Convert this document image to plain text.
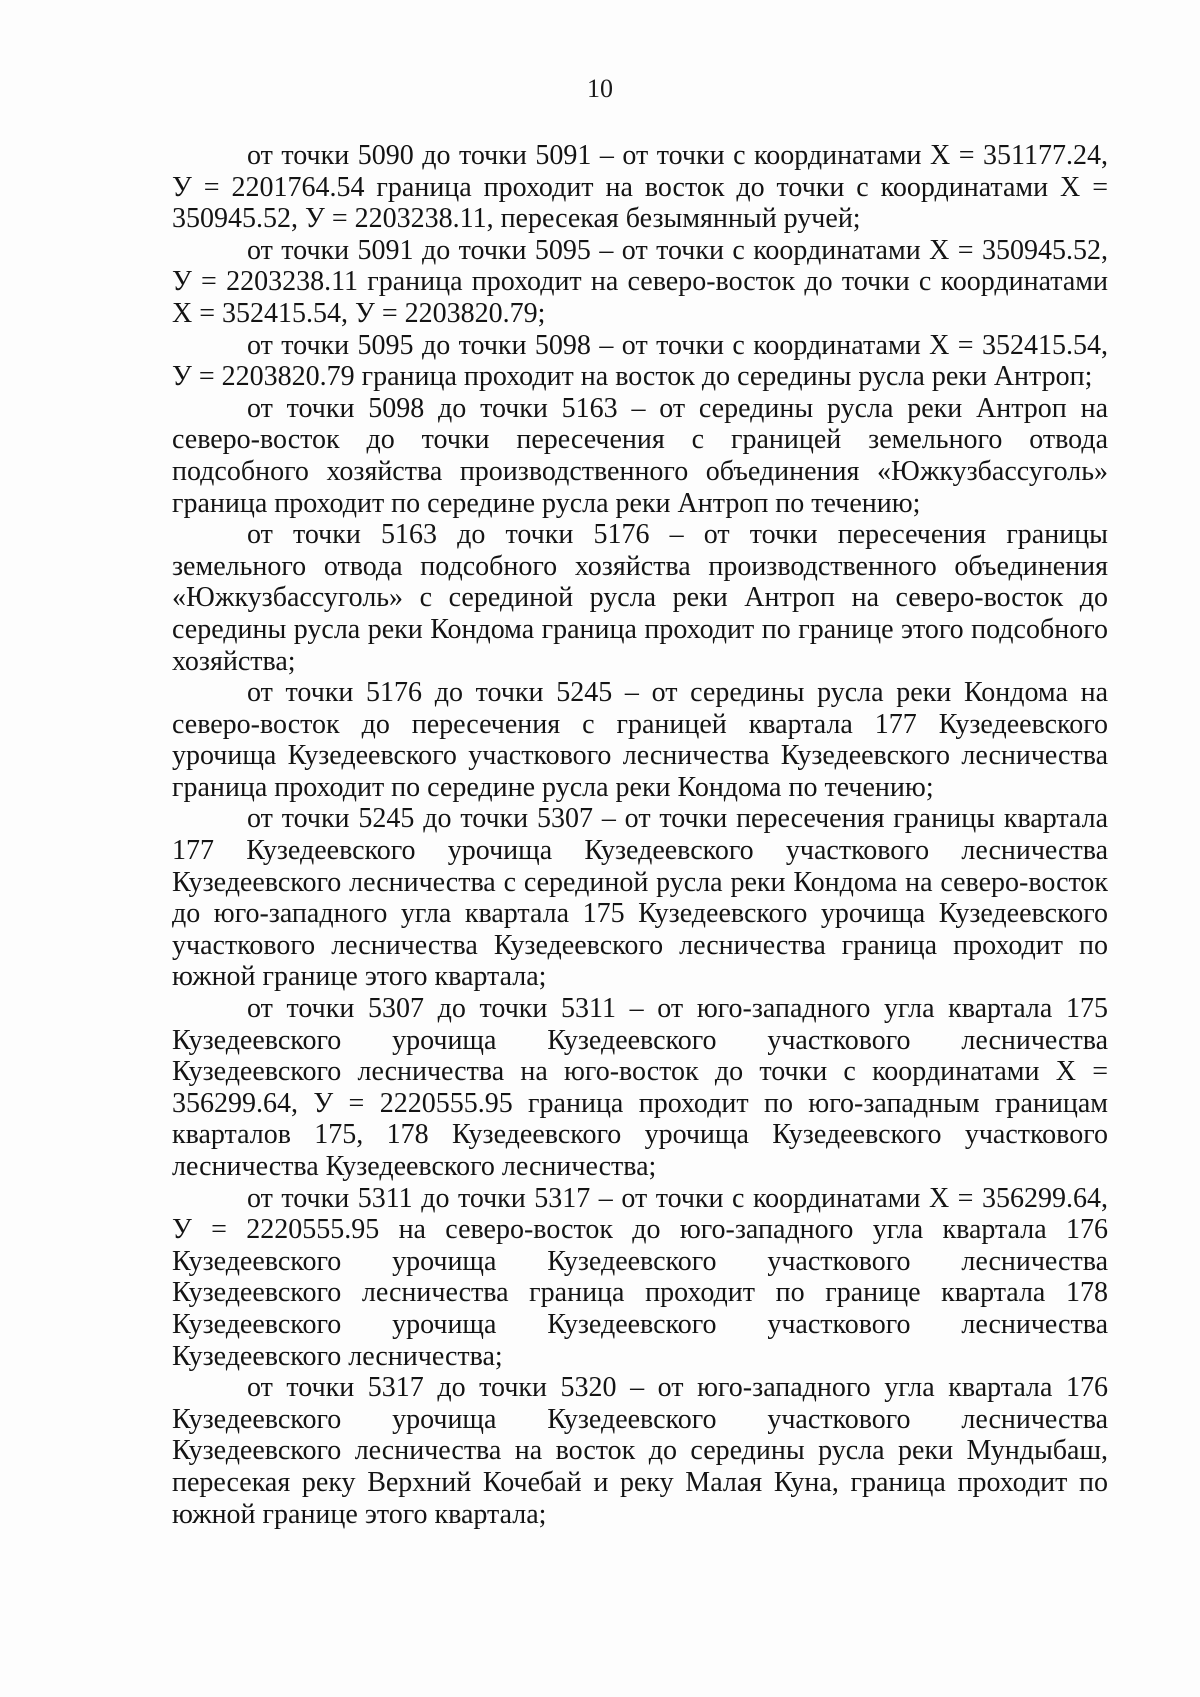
10

от точки 5090 до точки 5091 – от точки с координатами Х = 351177.24, У = 2201764.54 граница проходит на восток до точки с координатами Х = 350945.52, У = 2203238.11, пересекая безымянный ручей;

от точки 5091 до точки 5095 – от точки с координатами Х = 350945.52, У = 2203238.11 граница проходит на северо-восток до точки с координатами Х = 352415.54, У = 2203820.79;

от точки 5095 до точки 5098 – от точки с координатами Х = 352415.54, У = 2203820.79 граница проходит на восток до середины русла реки Антроп;

от точки 5098 до точки 5163 – от середины русла реки Антроп на северо-восток до точки пересечения с границей земельного отвода подсобного хозяйства производственного объединения «Южкузбассуголь» граница проходит по середине русла реки Антроп по течению;

от точки 5163 до точки 5176 – от точки пересечения границы земельного отвода подсобного хозяйства производственного объединения «Южкузбассуголь» с серединой русла реки Антроп на северо-восток до середины русла реки Кондома граница проходит по границе этого подсобного хозяйства;

от точки 5176 до точки 5245 – от середины русла реки Кондома на северо-восток до пересечения с границей квартала 177 Кузедеевского урочища Кузедеевского участкового лесничества Кузедеевского лесничества граница проходит по середине русла реки Кондома по течению;

от точки 5245 до точки 5307 – от точки пересечения границы квартала 177 Кузедеевского урочища Кузедеевского участкового лесничества Кузедеевского лесничества с серединой русла реки Кондома на северо-восток до юго-западного угла квартала 175 Кузедеевского урочища Кузедеевского участкового лесничества Кузедеевского лесничества граница проходит по южной границе этого квартала;

от точки 5307 до точки 5311 – от юго-западного угла квартала 175 Кузедеевского урочища Кузедеевского участкового лесничества Кузедеевского лесничества на юго-восток до точки с координатами Х = 356299.64, У = 2220555.95 граница проходит по юго-западным границам кварталов 175, 178 Кузедеевского урочища Кузедеевского участкового лесничества Кузедеевского лесничества;

от точки 5311 до точки 5317 – от точки с координатами Х = 356299.64, У = 2220555.95 на северо-восток до юго-западного угла квартала 176 Кузедеевского урочища Кузедеевского участкового лесничества Кузедеевского лесничества граница проходит по границе квартала 178 Кузедеевского урочища Кузедеевского участкового лесничества Кузедеевского лесничества;

от точки 5317 до точки 5320 – от юго-западного угла квартала 176 Кузедеевского урочища Кузедеевского участкового лесничества Кузедеевского лесничества на восток до середины русла реки Мундыбаш, пересекая реку Верхний Кочебай и реку Малая Куна, граница проходит по южной границе этого квартала;
